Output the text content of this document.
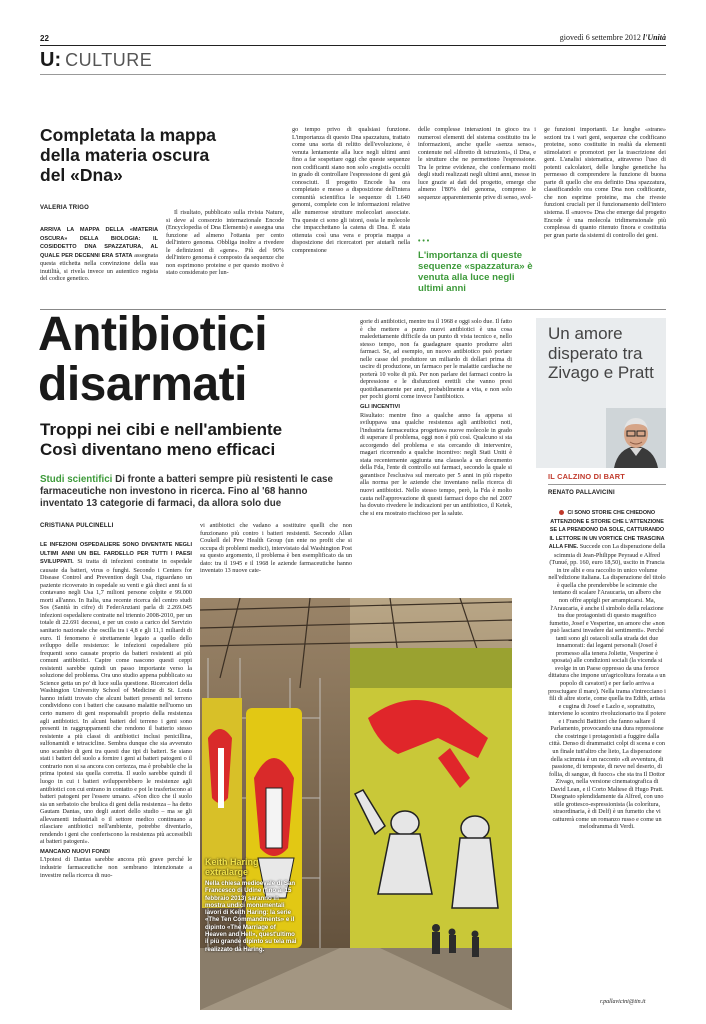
22	giovedì 6 settembre 2012 l'Unità
U: CULTURE
Completata la mappa della materia oscura del «Dna»
VALERIA TRIGO
ARRIVA LA MAPPA DELLA «MATERIA OSCURA» DELLA BIOLOGIA: IL COSIDDETTO DNA SPAZZATURA, AL QUALE PER DECENNI ERA STATA assegnata questa etichetta nella convinzione della sua inutilità, si rivela invece un autentico regista del codice genetico.
Il risultato, pubblicato sulla rivista Nature, si deve al consorzio internazionale Encode (Encyclopedia of Dna Elements) e assegna una funzione ad almeno l'ottanta per cento dell'intero genoma. Obbliga inoltre a rivedere le definizioni di «gene». Più del 90% dell'intero genoma è composto da sequenze che non esprimono proteine e per questo motivo è stato considerato per lun-
go tempo privo di qualsiasi funzione. L'importanza di questo Dna spazzatura, trattato come una sorta di relitto dell'evoluzione, è venuta lentamente alla luce negli ultimi anni fino a far sospettare oggi che queste sequenze non codificanti siano non solo «registi» occulti in grado di controllare l'espressione di geni già conosciuti. Il progetto Encode ha ora completato e messo a disposizione dell'intera comunità scientifica le sequenze di 1.640 genomi, complete con le informazioni relative alle numerose strutture molecolari associate. Tra queste ci sono gli istoni, ossia le molecole che impacchettano la catena di Dna. È stata ottenuta così una vera e propria mappa a disposizione dei ricercatori per aiutarli nella comprensione
delle complesse interazioni in gioco tra i numerosi elementi del sistema costituito tra le informazioni, anche quelle «senza senso», contenute nel «libretto di istruzioni», il Dna, e le strutture che ne permettono l'espressione. Tra le prime evidenze, che confermano molti degli studi realizzati negli ultimi anni, messe in luce grazie ai dati del progetto, emerge che almeno l'80% del genoma, compreso le sequenze apparentemente prive di senso, svol-
• • •
L'importanza di queste sequenze «spazzatura» è venuta alla luce negli ultimi anni
ge funzioni importanti. Le lunghe «strane» sezioni tra i vari geni, sequenze che codificano proteine, sono costituite in realtà da elementi stimolatori e promotori per la trascrizione dei geni. L'analisi sistematica, attraverso l'uso di potenti calcolatori, delle lunghe genetiche ha permesso di comprendere la funzione di buona parte di quello che era definito Dna spazzatura, classificandolo ora come Dna non codificante, che non esprime proteine, ma che riveste funzioni cruciali per il funzionamento dell'intero sistema. Il «nuovo» Dna che emerge dal progetto Encode è una molecola tridimensionale più complessa di quanto ritenuto finora e costituita per gran parte da sistemi di controllo dei geni.
Antibiotici
disarmati
Troppi nei cibi e nell'ambiente
Così diventano meno efficaci
Studi scientifici Di fronte a batteri sempre più resistenti le case farmaceutiche non investono in ricerca. Fino al '68 hanno inventato 13 categorie di farmaci, da allora solo due
CRISTIANA PULCINELLI
LE INFEZIONI OSPEDALIERE SONO DIVENTATE NEGLI ULTIMI ANNI UN BEL FARDELLO PER TUTTI I PAESI SVILUPPATI. Si tratta di infezioni contratte in ospedale causate da batteri, virus o funghi. Secondo i Centers for Disease Control and Prevention degli Usa, riguardano un paziente ricoverato in ospedale su venti e già dieci anni fa si contavano negli Usa 1,7 milioni persone colpite e 99.000 morti all'anno. In Italia, una recente ricerca del centro studi Sos (Sanità in cifre) di FederAnziani parla di 2.269.045 infezioni ospedaliere contratte nel triennio 2008-2010, per un totale di 22.691 decessi, e per un costo a carico del Servizio sanitario nazionale che oscilla tra i 4,8 e gli 11,1 miliardi di euro. Il fenomeno è strettamente legato a quello dello sviluppo delle resistenze: le infezioni ospedaliere più frequenti sono causate proprio da batteri resistenti ai più comuni antibiotici. Capire come nascono questi ceppi resistenti sarebbe quindi un passo importante verso la soluzione del problema. Ora uno studio appena pubblicato su Science getta un po' di luce sulla questione. Ricercatori della Washington University School of Medicine di St. Louis hanno infatti trovato che alcuni batteri presenti nel terreno condividono con i batteri che causano malattie nell'uomo un certo numero di geni responsabili proprio della resistenza agli antibiotici. In alcuni batteri del terreno i geni sono presenti in raggruppamenti che rendono il batterio stesso resistente a più classi di antibiotici inclusi penicillina, sulfonamidi e tetracicline. Sembra dunque che sia avvenuto uno scambio di geni tra questi due tipi di batteri. Se siano stati i batteri del suolo a fornire i geni ai batteri patogeni o il contrario non si sa ancora con certezza, ma è probabile che la prima ipotesi sia quella corretta. Il suolo sarebbe quindi il luogo in cui i batteri svilupperebbero le resistenze agli antibiotici con cui entrano in contatto e poi le trasferiscono ai batteri patogeni per l'essere umano. «Non dico che il suolo sia un serbatoio che brulica di geni della resistenza – ha detto Gautam Dantas, uno degli autori dello studio – ma se gli allevamenti industriali o il settore medico continuano a rilasciare antibiotici nell'ambiente, potrebbe diventarlo, rendendo i geni che conferiscono la resistenza più accessibili ai batteri patogeni».
MANCANO NUOVI FONDI
L'ipotesi di Dantas sarebbe ancora più grave perché le industrie farmaceutiche non sembrano intenzionate a investire nella ricerca di nuo-
vi antibiotici che vadano a sostituire quelli che non funzionano più contro i batteri resistenti. Secondo Allan Coukell del Pew Health Group (un ente no profit che si occupa di problemi medici), intervistato dal Washington Post su questo argomento, il problema è ben esemplificato da un dato: tra il 1945 e il 1968 le aziende farmaceutiche hanno inventato 13 nuove cate-
gorie di antibiotici, mentre tra il 1968 e oggi solo due. Il fatto è che mettere a punto nuovi antibiotici è una cosa maledettamente difficile da un punto di vista tecnico e, nello stesso tempo, non fa guadagnare quanto produrre altri farmaci. Se, ad esempio, un nuovo antibiotico può portare nelle casse del produttore un miliardo di dollari prima di uscire di produzione, un farmaco per le malattie cardiache ne porterà 10 volte di più. Per non parlare dei farmaci contro la depressione e le disfunzioni erettili che vanno presi quotidianamente per anni, probabilmente a vita, e non solo per pochi giorni come invece l'antibiotico.
GLI INCENTIVI
Risultato: mentre fino a qualche anno fa appena si sviluppava una qualche resistenza agli antibiotici noti, l'industria farmaceutica progettava nuove molecole in grado di superare il problema, oggi non è più così. Qualcuno si sta accorgendo del problema e sta cercando di intervenire, magari ricorrendo a qualche incentivo: negli Stati Uniti è stata recentemente aggiunta una clausola a un documento della Fda, l'ente di controllo sui farmaci, secondo la quale si garantisce l'esclusiva sul mercato per 5 anni in più rispetto alla norma per le aziende che inventano nella ricerca di nuovi antibiotici. Nello stesso tempo, però, la Fda è molto cauta nell'approvazione di questi farmaci dopo che nel 2007 ha dovuto rivedere le indicazioni per un antibiotico, il Ketek, che si era mostrato rischioso per la salute.
Keith Haring extralarge
Nella chiesa medioevale di San Francesco di Udine (fino al 15 febbraio 2013) saranno in mostra undici monumentali lavori di Keith Haring: la serie «The Ten Commandments» e il dipinto «The Marriage of Heaven and Hell», quest'ultimo il più grande dipinto su tela mai realizzato da Haring.
Un amore disperato tra Zivago e Pratt
IL CALZINO DI BART
RENATO PALLAVICINI
CI SONO STORIE CHE CHIEDONO ATTENZIONE E STORIE CHE L'ATTENZIONE SE LA PRENDONO DA SOLE, CATTURANDO IL LETTORE IN UN VORTICE CHE TRASCINA ALLA FINE. Succede con La disperazione della scimmia di Jean-Philippe Peyraud e Alfred (Tunué, pp. 160, euro 18,50), uscito in Francia in tre albi e ora raccolto in unico volume nell'edizione italiana. La disperazione del titolo è quella che prenderebbe le scimmie che tentano di scalare l'Araucaria, un albero che non offre appigli per arrampicarsi. Ma, l'Araucaria, è anche il simbolo della relazione tra due protagonisti di questo magnifico fumetto, Josef e Vesperine, un amore che «non può lasciarsi invadere dai sentimenti». Perché tanti sono gli ostacoli sulla strada dei due innamorati: dai legami personali (Josef è promesso alla tenera Joliette, Vesperine è sposata) alle condizioni sociali (la vicenda si svolge in un Paese oppresso da una feroce dittatura che impone un'agricoltura forzata a un popolo di cavatori) e per farlo arriva a prosciugare il mare). Nella trama s'intrecciano i fili di altre storie, come quella tra Edith, artista e cugina di Josef e Lazlo e, soprattutto, interviene lo scontro rivoluzionario tra il potere e i Franchi Battitori che fanno saltare il Parlamento, provocando una dura repressione che costringe i protagonisti a fuggire dalla città. Denso di drammatici colpi di scena e con un finale tutt'altro che lieto, La disperazione della scimmia è un racconto «di avventura, di passione, di tempeste, di neve nel deserto, di follia, di sangue, di fuoco» che sta tra Il Dottor Zivago, nella versione cinematografica di David Lean, e il Corto Maltese di Hugo Pratt. Disegnato splendidamente da Alfred, con uno stile grottesco-espressionista (la colorítura, straordinaria, è di Delf) è un fumetto che vi catturerà come un romanzo russo e come un melodramma di Verdi.
r.pallavicini@tin.it
